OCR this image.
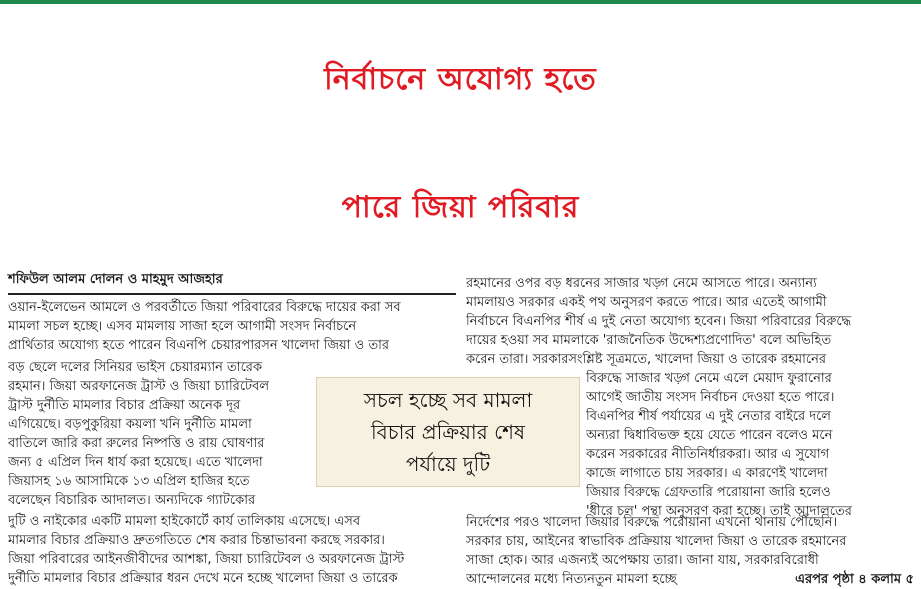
নির্বাচনে অযোগ্য হতে
পারে জিয়া পরিবার
শফিউল আলম দোলন ও মাহমুদ আজহার
ওয়ান-ইলেভেন আমলে ও পরবর্তীতে জিয়া পরিবারের বিরুদ্ধে দায়ের করা সব
মামলা সচল হচ্ছে। এসব মামলায় সাজা হলে আগামী সংসদ নির্বাচনে
প্রার্থিতার অযোগ্য হতে পারেন বিএনপি চেয়ারপারসন খালেদা জিয়া ও তার
বড় ছেলে দলের সিনিয়র ভাইস চেয়ারম্যান তারেক
রহমান। জিয়া অরফানেজ ট্রাস্ট ও জিয়া চ্যারিটেবল
ট্রাস্ট দুর্নীতি মামলার বিচার প্রক্রিয়া অনেক দূর
এগিয়েছে। বড়পুকুরিয়া কয়লা খনি দুর্নীতি মামলা
বাতিলে জারি করা রুলের নিষ্পত্তি ও রায় ঘোষণার
জন্য ৫ এপ্রিল দিন ধার্য করা হয়েছে। এতে খালেদা
জিয়াসহ ১৬ আসামিকে ১৩ এপ্রিল হাজির হতে
বলেছেন বিচারিক আদালত। অন্যদিকে গ্যাটকোর
দুটি ও নাইকোর একটি মামলা হাইকোর্টে কার্য তালিকায় এসেছে। এসব
মামলার বিচার প্রক্রিয়াও দ্রুতগতিতে শেষ করার চিন্তাভাবনা করছে সরকার।
জিয়া পরিবারের আইনজীবীদের আশঙ্কা, জিয়া চ্যারিটেবল ও অরফানেজ ট্রাস্ট
দুর্নীতি মামলার বিচার প্রক্রিয়ার ধরন দেখে মনে হচ্ছে খালেদা জিয়া ও তারেক
রহমানের ওপর বড় ধরনের সাজার খড়্গ নেমে আসতে পারে। অন্যান্য
মামলায়ও সরকার একই পথ অনুসরণ করতে পারে। আর এতেই আগামী
নির্বাচনে বিএনপির শীর্ষ এ দুই নেতা অযোগ্য হবেন। জিয়া পরিবারের বিরুদ্ধে
দায়ের হওয়া সব মামলাকে 'রাজনৈতিক উদ্দেশ্যপ্রণোদিত' বলে অভিহিত
করেন তারা। সরকারসংশ্লিষ্ট সূত্রমতে, খালেদা জিয়া ও তারেক রহমানের
বিরুদ্ধে সাজার খড়্গ নেমে এলে মেয়াদ ফুরানোর
আগেই জাতীয় সংসদ নির্বাচন দেওয়া হতে পারে।
বিএনপির শীর্ষ পর্যায়ের এ দুই নেতার বাইরে দলে
অন্যরা দ্বিধাবিভক্ত হয়ে যেতে পারেন বলেও মনে
করেন সরকারের নীতিনির্ধারকরা। আর এ সুযোগ
কাজে লাগাতে চায় সরকার। এ কারণেই খালেদা
জিয়ার বিরুদ্ধে গ্রেফতারি পরোয়ানা জারি হলেও
'ধীরে চল' পন্থা অনুসরণ করা হচ্ছে। তাই আদালতের
নির্দেশের পরও খালেদা জিয়ার বিরুদ্ধে পরোয়ানা এখনো থানায় পৌঁছেনি।
সরকার চায়, আইনের স্বাভাবিক প্রক্রিয়ায় খালেদা জিয়া ও তারেক রহমানের
সাজা হোক। আর এজন্যই অপেক্ষায় তারা। জানা যায়, সরকারবিরোধী
আন্দোলনের মধ্যে নিত্যনতুন মামলা হচ্ছে	এরপর পৃষ্ঠা ৪ কলাম ৫
সচল হচ্ছে সব মামলা
বিচার প্রক্রিয়ার শেষ
পর্যায়ে দুটি
